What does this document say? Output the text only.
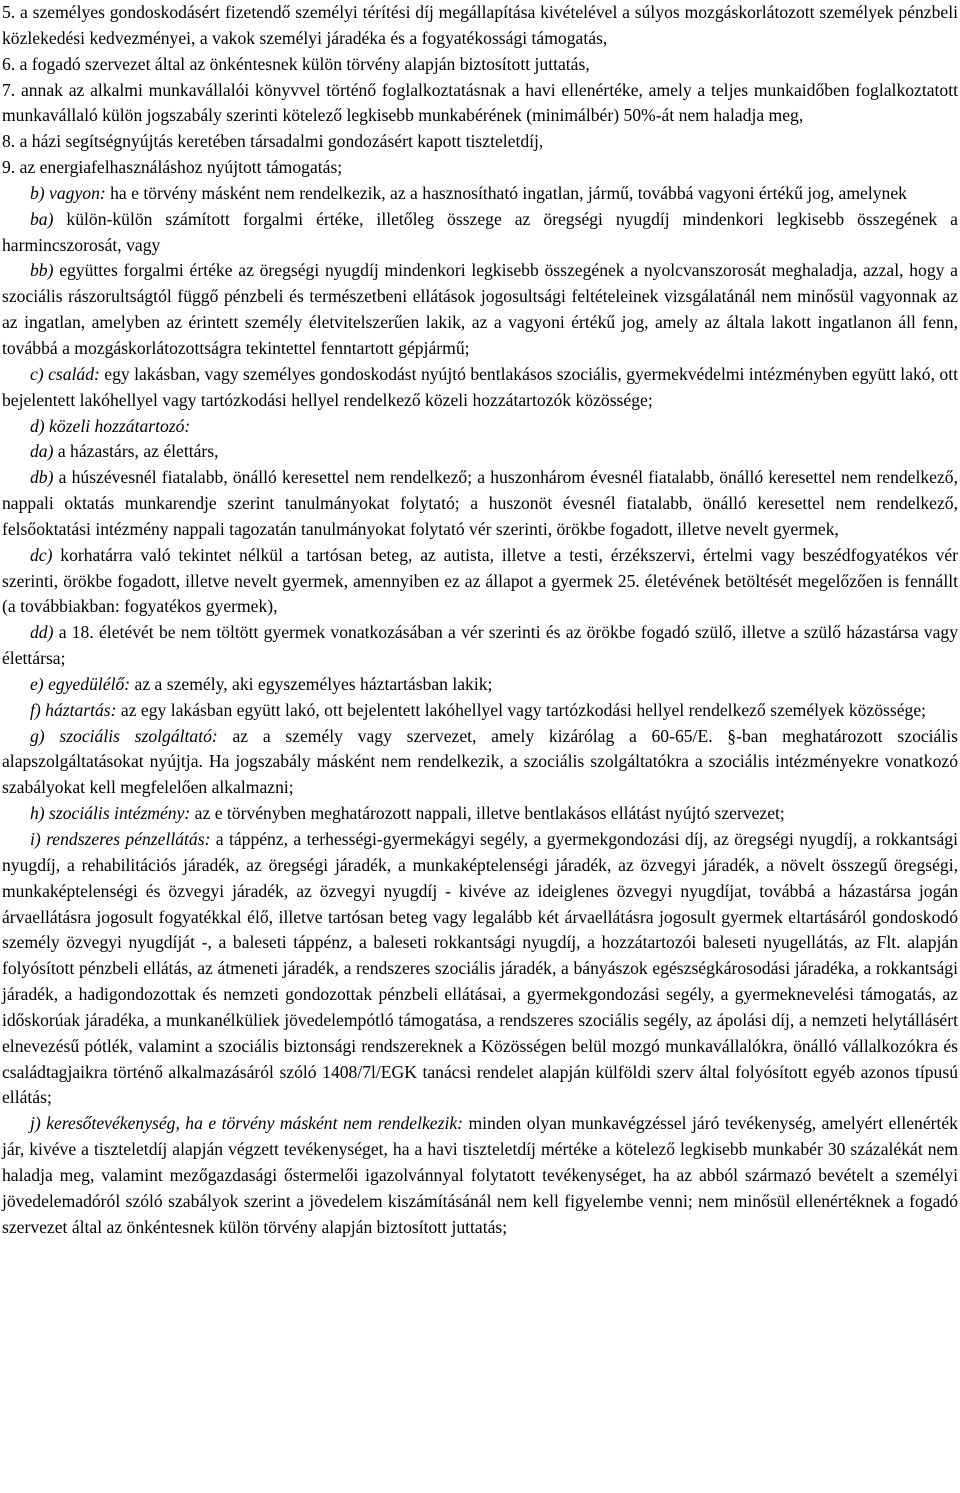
5. a személyes gondoskodásért fizetendő személyi térítési díj megállapítása kivételével a súlyos mozgáskorlátozott személyek pénzbeli közlekedési kedvezményei, a vakok személyi járadéka és a fogyatékossági támogatás,

6. a fogadó szervezet által az önkéntesnek külön törvény alapján biztosított juttatás,

7. annak az alkalmi munkavállalói könyvvel történő foglalkoztatásnak a havi ellenértéke, amely a teljes munkaidőben foglalkoztatott munkavállaló külön jogszabály szerinti kötelező legkisebb munkabérének (minimálbér) 50%-át nem haladja meg,

8. a házi segítségnyújtás keretében társadalmi gondozásért kapott tiszteletdíj,

9. az energiafelhasználáshoz nyújtott támogatás;

b) vagyon: ha e törvény másként nem rendelkezik, az a hasznosítható ingatlan, jármű, továbbá vagyoni értékű jog, amelynek

ba) külön-külön számított forgalmi értéke, illetőleg összege az öregségi nyugdíj mindenkori legkisebb összegének a harmincszorosát, vagy

bb) együttes forgalmi értéke az öregségi nyugdíj mindenkori legkisebb összegének a nyolcvanszorosát meghaladja, azzal, hogy a szociális rászorultságtól függő pénzbeli és természetbeni ellátások jogosultsági feltételeinek vizsgálatánál nem minősül vagyonnak az az ingatlan, amelyben az érintett személy életvitelszerűen lakik, az a vagyoni értékű jog, amely az általa lakott ingatlanon áll fenn, továbbá a mozgáskorlátozottságra tekintettel fenntartott gépjármű;

c) család: egy lakásban, vagy személyes gondoskodást nyújtó bentlakásos szociális, gyermekvédelmi intézményben együtt lakó, ott bejelentett lakóhellyel vagy tartózkodási hellyel rendelkező közeli hozzátartozók közössége;

d) közeli hozzátartozó:

da) a házastárs, az élettárs,

db) a húszévesnél fiatalabb, önálló keresettel nem rendelkező; a huszonhárom évesnél fiatalabb, önálló keresettel nem rendelkező, nappali oktatás munkarendje szerint tanulmányokat folytató; a huszonöt évesnél fiatalabb, önálló keresettel nem rendelkező, felsőoktatási intézmény nappali tagozatán tanulmányokat folytató vér szerinti, örökbe fogadott, illetve nevelt gyermek,

dc) korhatárra való tekintet nélkül a tartósan beteg, az autista, illetve a testi, érzékszervi, értelmi vagy beszédfogyatékos vér szerinti, örökbe fogadott, illetve nevelt gyermek, amennyiben ez az állapot a gyermek 25. életévének betöltését megelőzően is fennállt (a továbbiakban: fogyatékos gyermek),

dd) a 18. életévét be nem töltött gyermek vonatkozásában a vér szerinti és az örökbe fogadó szülő, illetve a szülő házastársa vagy élettársa;

e) egyedülélő: az a személy, aki egyszemélyes háztartásban lakik;

f) háztartás: az egy lakásban együtt lakó, ott bejelentett lakóhellyel vagy tartózkodási hellyel rendelkező személyek közössége;

g) szociális szolgáltató: az a személy vagy szervezet, amely kizárólag a 60-65/E. §-ban meghatározott szociális alapszolgáltatásokat nyújtja. Ha jogszabály másként nem rendelkezik, a szociális szolgáltatókra a szociális intézményekre vonatkozó szabályokat kell megfelelően alkalmazni;

h) szociális intézmény: az e törvényben meghatározott nappali, illetve bentlakásos ellátást nyújtó szervezet;

i) rendszeres pénzellátás: a táppénz, a terhességi-gyermekágyi segély, a gyermekgondozási díj, az öregségi nyugdíj, a rokkantsági nyugdíj, a rehabilitációs járadék, az öregségi járadék, a munkaképtelenségi járadék, az özvegyi járadék, a növelt összegű öregségi, munkaképtelenségi és özvegyi járadék, az özvegyi nyugdíj - kivéve az ideiglenes özvegyi nyugdíjat, továbbá a házastársa jogán árvaellátásra jogosult fogyatékkal élő, illetve tartósan beteg vagy legalább két árvaellátásra jogosult gyermek eltartásáról gondoskodó személy özvegyi nyugdíját -, a baleseti táppénz, a baleseti rokkantsági nyugdíj, a hozzátartozói baleseti nyugellátás, az Flt. alapján folyósított pénzbeli ellátás, az átmeneti járadék, a rendszeres szociális járadék, a bányászok egészségkárosodási járadéka, a rokkantsági járadék, a hadigondozottak és nemzeti gondozottak pénzbeli ellátásai, a gyermekgondozási segély, a gyermeknevelési támogatás, az időskorúak járadéka, a munkanélküliek jövedelempótló támogatása, a rendszeres szociális segély, az ápolási díj, a nemzeti helytállásért elnevezésű pótlék, valamint a szociális biztonsági rendszereknek a Közösségen belül mozgó munkavállalókra, önálló vállalkozókra és családtagjaikra történő alkalmazásáról szóló 1408/7l/EGK tanácsi rendelet alapján külföldi szerv által folyósított egyéb azonos típusú ellátás;

j) keresőtevékenység, ha e törvény másként nem rendelkezik: minden olyan munkavégzéssel járó tevékenység, amelyért ellenérték jár, kivéve a tiszteletdíj alapján végzett tevékenységet, ha a havi tiszteletdíj mértéke a kötelező legkisebb munkabér 30 százalékát nem haladja meg, valamint mezőgazdasági őstermelői igazolvánnyal folytatott tevékenységet, ha az abból származó bevételt a személyi jövedelemadóról szóló szabályok szerint a jövedelem kiszámításánál nem kell figyelembe venni; nem minősül ellenértéknek a fogadó szervezet által az önkéntesnek külön törvény alapján biztosított juttatás;
